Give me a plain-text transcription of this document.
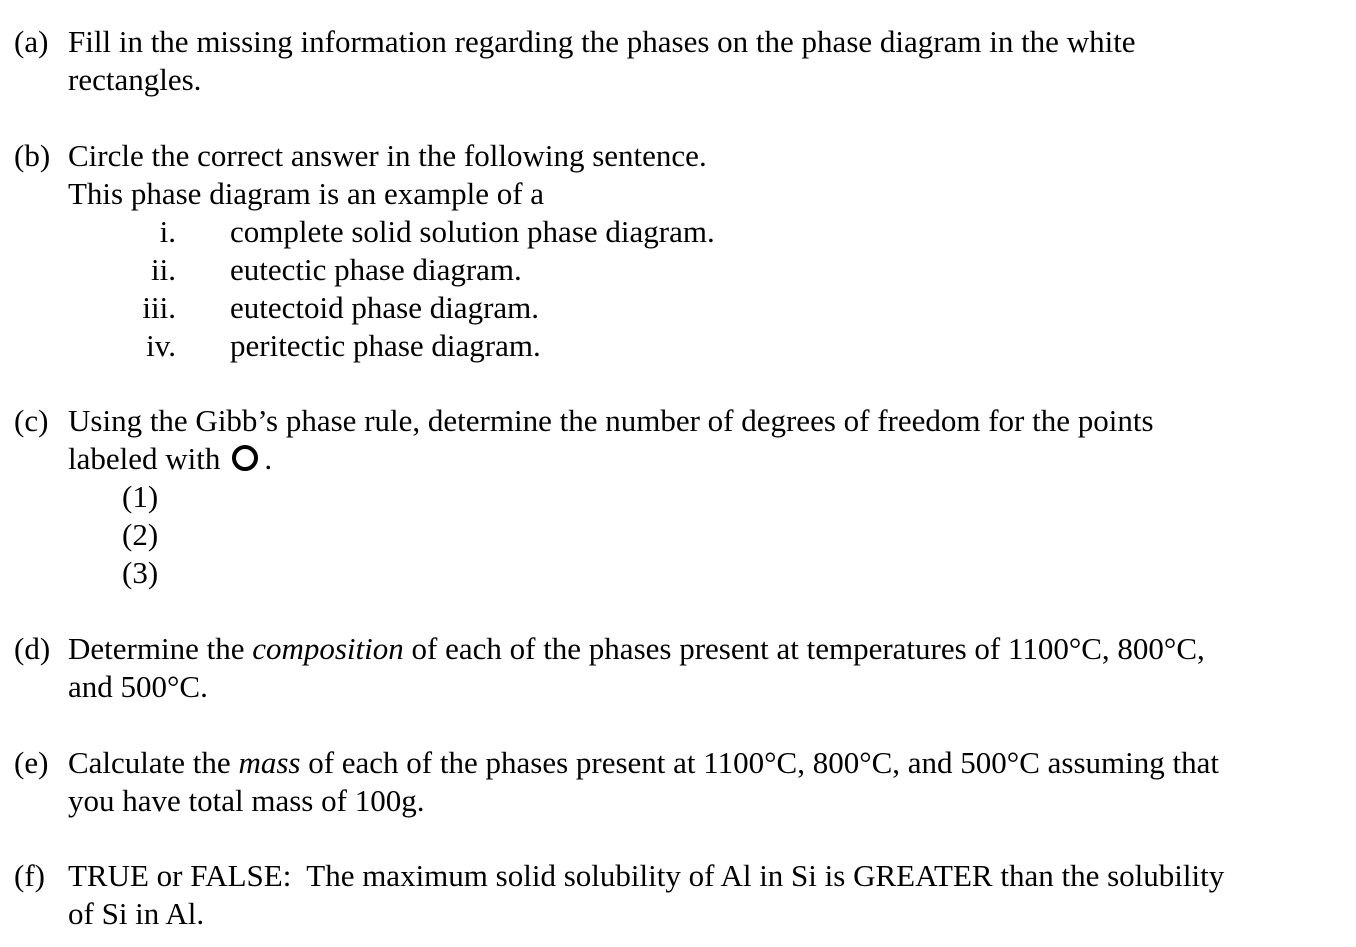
(a) Fill in the missing information regarding the phases on the phase diagram in the white
rectangles.
(b) Circle the correct answer in the following sentence.
This phase diagram is an example of a
i. complete solid solution phase diagram.
ii. eutectic phase diagram.
iii. eutectoid phase diagram.
iv. peritectic phase diagram.
(c) Using the Gibb’s phase rule, determine the number of degrees of freedom for the points
labeled with .
(1)
(2)
(3)
(d) Determine the composition of each of the phases present at temperatures of 1100°C, 800°C,
and 500°C.
(e) Calculate the mass of each of the phases present at 1100°C, 800°C, and 500°C assuming that
you have total mass of 100g.
(f) TRUE or FALSE:  The maximum solid solubility of Al in Si is GREATER than the solubility
of Si in Al.
